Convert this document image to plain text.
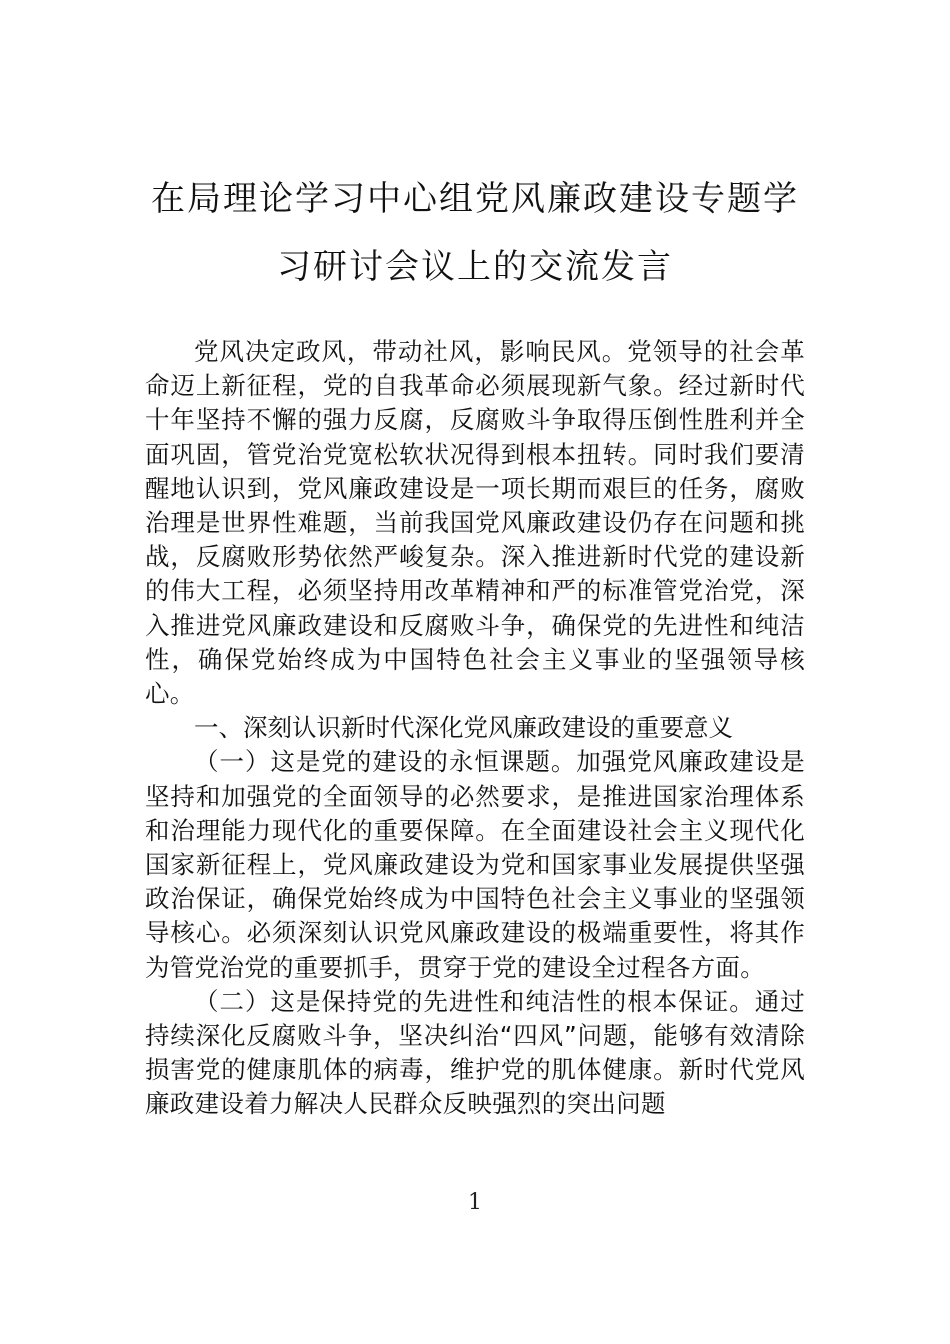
在局理论学习中心组党风廉政建设专题学习研讨会议上的交流发言

党风决定政风，带动社风，影响民风。党领导的社会革命迈上新征程，党的自我革命必须展现新气象。经过新时代十年坚持不懈的强力反腐，反腐败斗争取得压倒性胜利并全面巩固，管党治党宽松软状况得到根本扭转。同时我们要清醒地认识到，党风廉政建设是一项长期而艰巨的任务，腐败治理是世界性难题，当前我国党风廉政建设仍存在问题和挑战，反腐败形势依然严峻复杂。深入推进新时代党的建设新的伟大工程，必须坚持用改革精神和严的标准管党治党，深入推进党风廉政建设和反腐败斗争，确保党的先进性和纯洁性，确保党始终成为中国特色社会主义事业的坚强领导核心。

一、深刻认识新时代深化党风廉政建设的重要意义

（一）这是党的建设的永恒课题。加强党风廉政建设是坚持和加强党的全面领导的必然要求，是推进国家治理体系和治理能力现代化的重要保障。在全面建设社会主义现代化国家新征程上，党风廉政建设为党和国家事业发展提供坚强政治保证，确保党始终成为中国特色社会主义事业的坚强领导核心。必须深刻认识党风廉政建设的极端重要性，将其作为管党治党的重要抓手，贯穿于党的建设全过程各方面。

（二）这是保持党的先进性和纯洁性的根本保证。通过持续深化反腐败斗争，坚决纠治“四风”问题，能够有效清除损害党的健康肌体的病毒，维护党的肌体健康。新时代党风廉政建设着力解决人民群众反映强烈的突出问题

1
